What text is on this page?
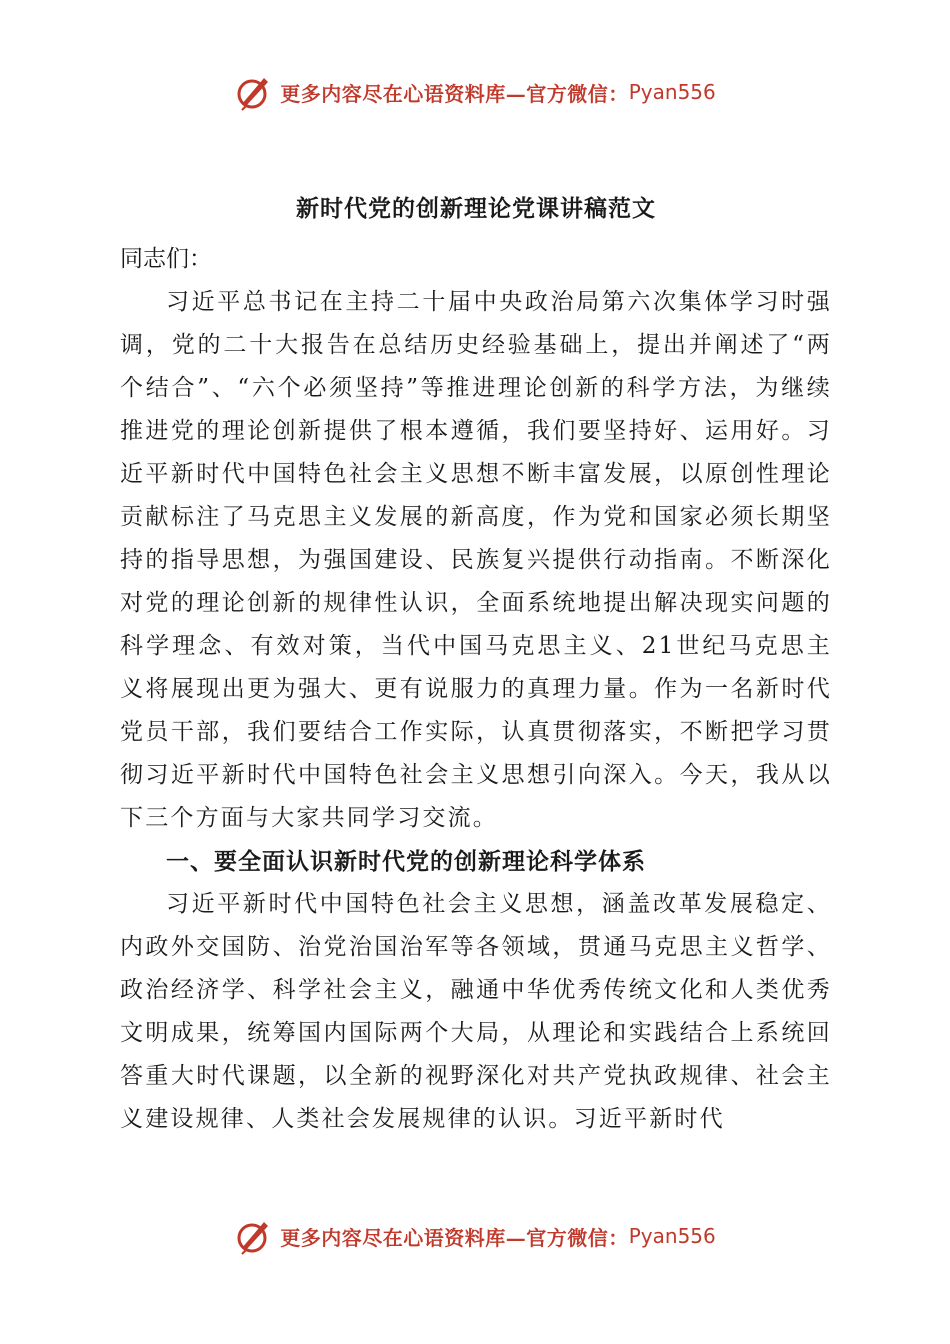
更多内容尽在心语资料库—官方微信： Pyan556
新时代党的创新理论党课讲稿范文

同志们：

习近平总书记在主持二十届中央政治局第六次集体学习时强调，党的二十大报告在总结历史经验基础上，提出并阐述了“两个结合”、“六个必须坚持”等推进理论创新的科学方法，为继续推进党的理论创新提供了根本遵循，我们要坚持好、运用好。习近平新时代中国特色社会主义思想不断丰富发展，以原创性理论贡献标注了马克思主义发展的新高度，作为党和国家必须长期坚持的指导思想，为强国建设、民族复兴提供行动指南。不断深化对党的理论创新的规律性认识，全面系统地提出解决现实问题的科学理念、有效对策，当代中国马克思主义、21世纪马克思主义将展现出更为强大、更有说服力的真理力量。作为一名新时代党员干部，我们要结合工作实际，认真贯彻落实，不断把学习贯彻习近平新时代中国特色社会主义思想引向深入。今天，我从以下三个方面与大家共同学习交流。

一、要全面认识新时代党的创新理论科学体系

习近平新时代中国特色社会主义思想，涵盖改革发展稳定、内政外交国防、治党治国治军等各领域，贯通马克思主义哲学、政治经济学、科学社会主义，融通中华优秀传统文化和人类优秀文明成果，统筹国内国际两个大局，从理论和实践结合上系统回答重大时代课题，以全新的视野深化对共产党执政规律、社会主义建设规律、人类社会发展规律的认识。习近平新时代

更多内容尽在心语资料库—官方微信： Pyan556
